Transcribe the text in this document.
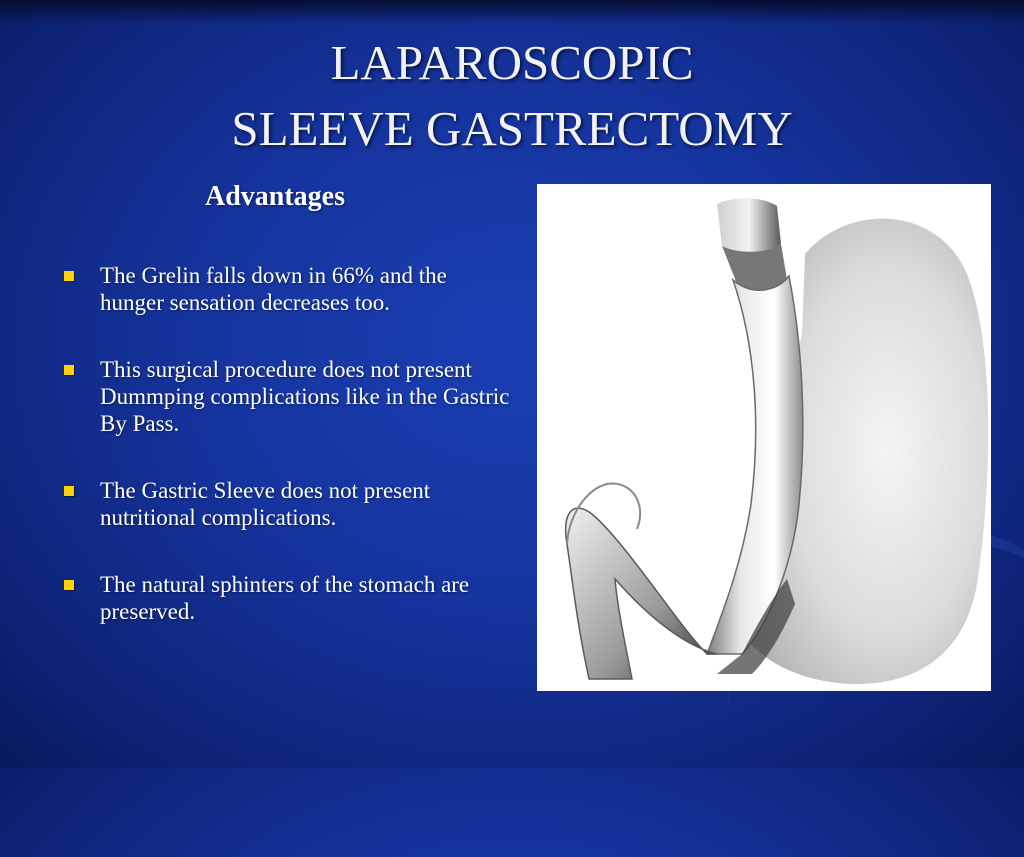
LAPAROSCOPIC
SLEEVE GASTRECTOMY
Advantages
The Grelin falls down in 66% and the hunger sensation decreases too.
This surgical procedure does not present Dummping complications like in the Gastric By Pass.
The Gastric Sleeve does not present nutritional complications.
The natural sphinters of the stomach are preserved.
